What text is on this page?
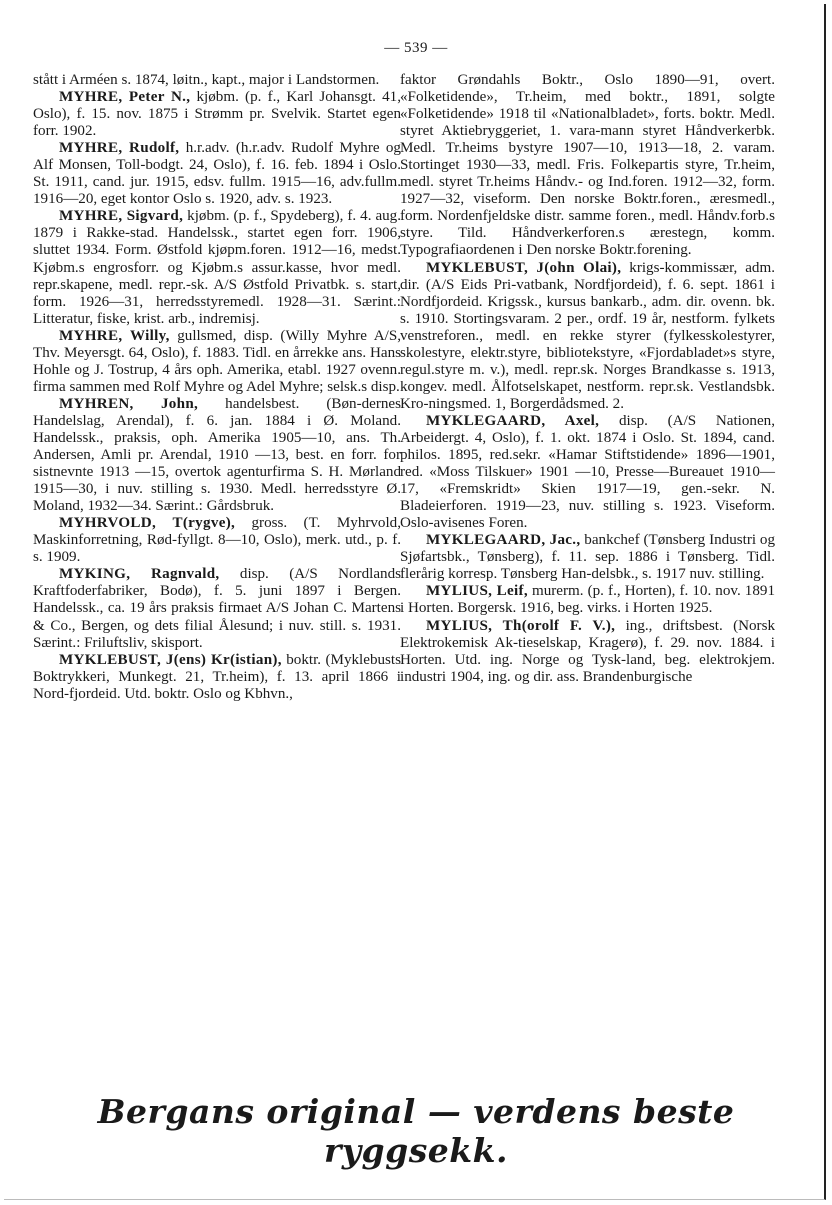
— 539 —

stått i Arméen s. 1874, løitn., kapt., major i Landstormen.

MYHRE, Peter N., kjøbm. (p. f., Karl Johansgt. 41, Oslo), f. 15. nov. 1875 i Strømm pr. Svelvik. Startet egen forr. 1902.

MYHRE, Rudolf, h.r.adv. (h.r.adv. Rudolf Myhre og Alf Monsen, Toll-bodgt. 24, Oslo), f. 16. feb. 1894 i Oslo. St. 1911, cand. jur. 1915, edsv. fullm. 1915—16, adv.fullm. 1916—20, eget kontor Oslo s. 1920, adv. s. 1923.

MYHRE, Sigvard, kjøbm. (p. f., Spydeberg), f. 4. aug. 1879 i Rakke-stad. Handelssk., startet egen forr. 1906, sluttet 1934. Form. Østfold kjøpm.foren. 1912—16, medst. Kjøbm.s engrosforr. og Kjøbm.s assur.kasse, hvor medl. repr.skapene, medl. repr.-sk. A/S Østfold Privatbk. s. start, form. 1926—31, herredsstyremedl. 1928—31. Særint.: Litteratur, fiske, krist. arb., indremisj.

MYHRE, Willy, gullsmed, disp. (Willy Myhre A/S, Thv. Meyersgt. 64, Oslo), f. 1883. Tidl. en årrekke ans. Hans Hohle og J. Tostrup, 4 års oph. Amerika, etabl. 1927 ovenn. firma sammen med Rolf Myhre og Adel Myhre; selsk.s disp.

MYHREN, John, handelsbest. (Bøn-dernes Handelslag, Arendal), f. 6. jan. 1884 i Ø. Moland. Handelssk., praksis, oph. Amerika 1905—10, ans. Th. Andersen, Amli pr. Arendal, 1910 —13, best. en forr. for sistnevnte 1913 —15, overtok agenturfirma S. H. Mørland 1915—30, i nuv. stilling s. 1930. Medl. herredsstyre Ø. Moland, 1932—34. Særint.: Gårdsbruk.

MYHRVOLD, T(rygve), gross. (T. Myhrvold, Maskinforretning, Rød-fyllgt. 8—10, Oslo), merk. utd., p. f. s. 1909.

MYKING, Ragnvald, disp. (A/S Nordlands Kraftfoderfabriker, Bodø), f. 5. juni 1897 i Bergen. Handelssk., ca. 19 års praksis firmaet A/S Johan C. Martens & Co., Bergen, og dets filial Ålesund; i nuv. still. s. 1931. Særint.: Friluftsliv, skisport.

MYKLEBUST, J(ens) Kr(istian), boktr. (Myklebusts Boktrykkeri, Munkegt. 21, Tr.heim), f. 13. april 1866 i Nord-fjordeid. Utd. boktr. Oslo og Kbhvn.,

faktor Grøndahls Boktr., Oslo 1890—91, overt. «Folketidende», Tr.heim, med boktr., 1891, solgte «Folketidende» 1918 til «Nationalbladet», forts. boktr. Medl. styret Aktiebryggeriet, 1. vara-mann styret Håndverkerbk. Medl. Tr.heims bystyre 1907—10, 1913—18, 2. varam. Stortinget 1930—33, medl. Fris. Folkepartis styre, Tr.heim, medl. styret Tr.heims Håndv.- og Ind.foren. 1912—32, form. 1927—32, viseform. Den norske Boktr.foren., æresmedl., form. Nordenfjeldske distr. samme foren., medl. Håndv.forb.s styre. Tild. Håndverkerforen.s ærestegn, komm. Typografiaordenen i Den norske Boktr.forening.

MYKLEBUST, J(ohn Olai), krigs-kommissær, adm. dir. (A/S Eids Pri-vatbank, Nordfjordeid), f. 6. sept. 1861 i Nordfjordeid. Krigssk., kursus bankarb., adm. dir. ovenn. bk. s. 1910. Stortingsvaram. 2 per., ordf. 19 år, nestform. fylkets venstreforen., medl. en rekke styrer (fylkesskolestyrer, skolestyre, elektr.styre, bibliotekstyre, «Fjordabladet»s styre, regul.styre m. v.), medl. repr.sk. Norges Brandkasse s. 1913, kongev. medl. Ålfotselskapet, nestform. repr.sk. Vestlandsbk. Kro-ningsmed. 1, Borgerdådsmed. 2.

MYKLEGAARD, Axel, disp. (A/S Nationen, Arbeidergt. 4, Oslo), f. 1. okt. 1874 i Oslo. St. 1894, cand. philos. 1895, red.sekr. «Hamar Stiftstidende» 1896—1901, red. «Moss Tilskuer» 1901 —10, Presse—Bureauet 1910—17, «Fremskridt» Skien 1917—19, gen.-sekr. N. Bladeierforen. 1919—23, nuv. stilling s. 1923. Viseform. Oslo-avisenes Foren.

MYKLEGAARD, Jac., bankchef (Tønsberg Industri og Sjøfartsbk., Tønsberg), f. 11. sep. 1886 i Tønsberg. Tidl. flerårig korresp. Tønsberg Han-delsbk., s. 1917 nuv. stilling.

MYLIUS, Leif, murerm. (p. f., Horten), f. 10. nov. 1891 i Horten. Borgersk. 1916, beg. virks. i Horten 1925.

MYLIUS, Th(orolf F. V.), ing., driftsbest. (Norsk Elektrokemisk Ak-tieselskap, Kragerø), f. 29. nov. 1884. i Horten. Utd. ing. Norge og Tysk-land, beg. elektrokjem. industri 1904, ing. og dir. ass. Brandenburgische

Bergans original — verdens beste ryggsekk.
